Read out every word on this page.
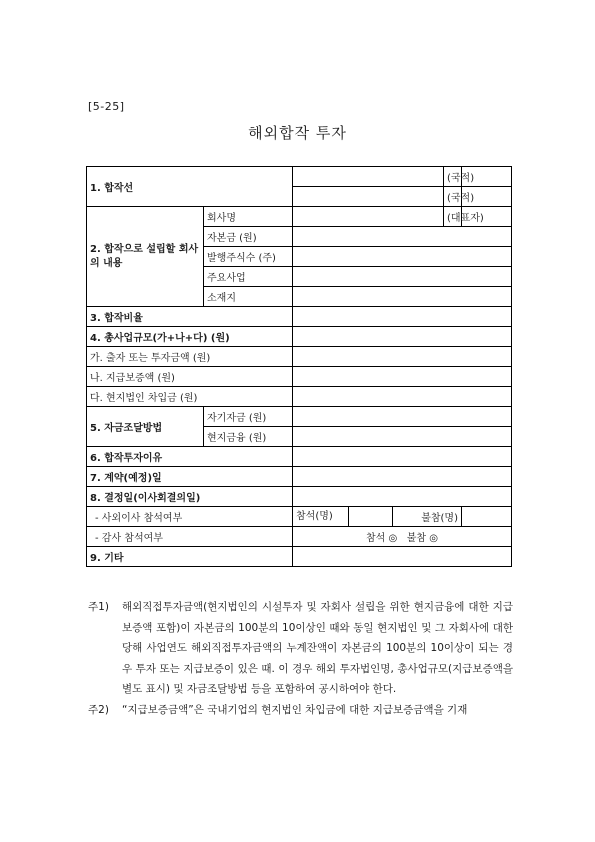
[5-25]
해외합작 투자
1. 합작선				(국적)	
				(국적)	
2. 합작으로 설립할 회사의 내용	회사명			(대표자)	
	자본금 (원)				
	발행주식수 (주)				
	주요사업				
	소재지				
3. 합작비율					
4. 총사업규모(가+나+다) (원)					
가. 출자 또는 투자금액 (원)					
나. 지급보증액 (원)					
다. 현지법인 차입금 (원)					
5. 자금조달방법	자기자금 (원)				
	현지금융 (원)				
6. 합작투자이유					
7. 계약(예정)일					
8. 결정일(이사회결의일)					
- 사외이사 참석여부		참석(명)	불참(명)		
- 감사 참석여부		참석 ◎   불참 ◎			
9. 기타					
주1) 해외직접투자금액(현지법인의 시설투자 및 자회사 설립을 위한 현지금융에 대한 지급보증액 포함)이 자본금의 100분의 10이상인 때와 동일 현지법인 및 그 자회사에 대한 당해 사업연도 해외직접투자금액의 누계잔액이 자본금의 100분의 10이상이 되는 경우 투자 또는 지급보증이 있은 때. 이 경우 해외 투자법인명, 총사업규모(지급보증액을 별도 표시) 및 자금조달방법 등을 포함하여 공시하여야 한다.
주2) “지급보증금액”은 국내기업의 현지법인 차입금에 대한 지급보증금액을 기재
